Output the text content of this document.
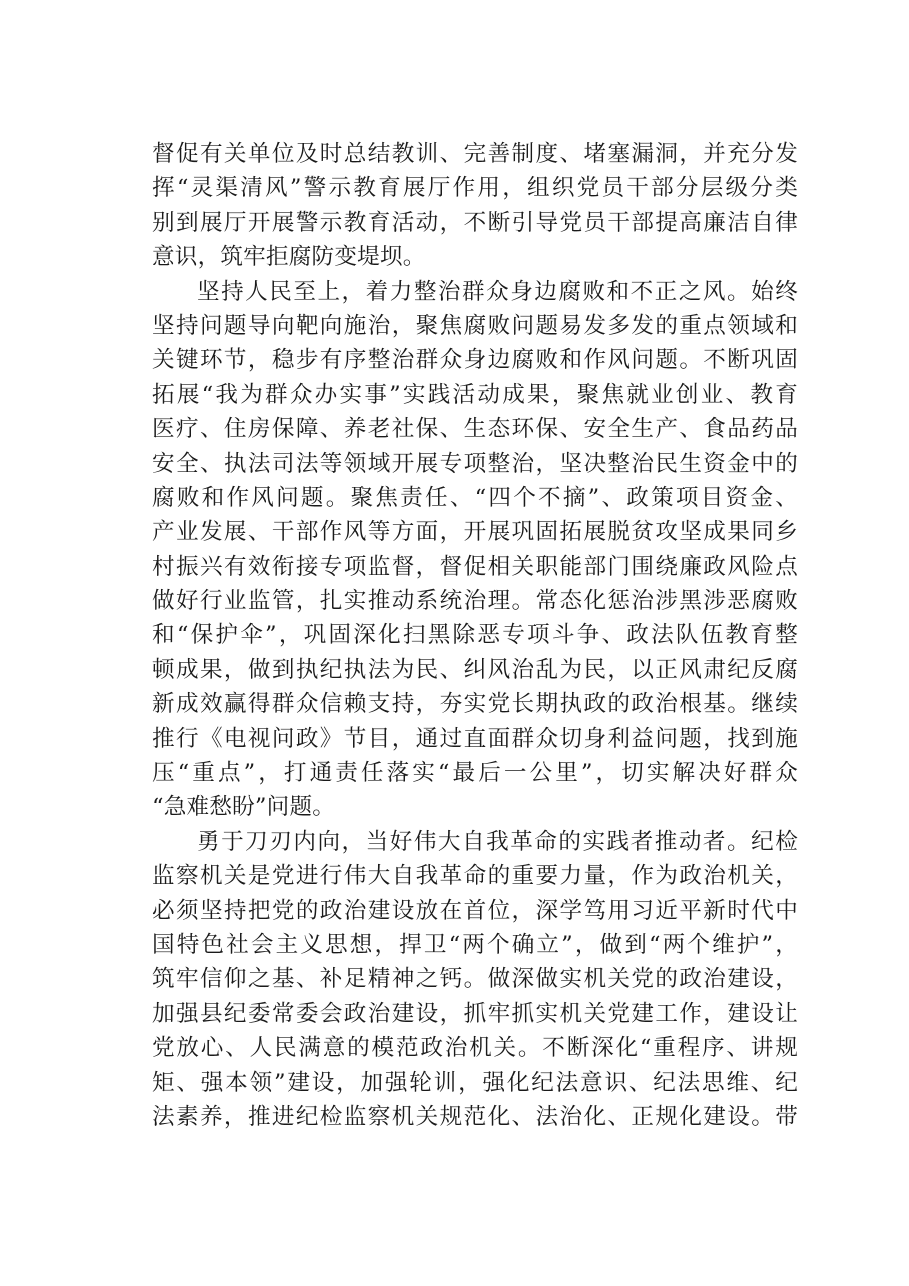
督促有关单位及时总结教训、完善制度、堵塞漏洞，并充分发
挥“灵渠清风”警示教育展厅作用，组织党员干部分层级分类
别到展厅开展警示教育活动，不断引导党员干部提高廉洁自律
意识，筑牢拒腐防变堤坝。
坚持人民至上，着力整治群众身边腐败和不正之风。始终
坚持问题导向靶向施治，聚焦腐败问题易发多发的重点领域和
关键环节，稳步有序整治群众身边腐败和作风问题。不断巩固
拓展“我为群众办实事”实践活动成果，聚焦就业创业、教育
医疗、住房保障、养老社保、生态环保、安全生产、食品药品
安全、执法司法等领域开展专项整治，坚决整治民生资金中的
腐败和作风问题。聚焦责任、“四个不摘”、政策项目资金、
产业发展、干部作风等方面，开展巩固拓展脱贫攻坚成果同乡
村振兴有效衔接专项监督，督促相关职能部门围绕廉政风险点
做好行业监管，扎实推动系统治理。常态化惩治涉黑涉恶腐败
和“保护伞”，巩固深化扫黑除恶专项斗争、政法队伍教育整
顿成果，做到执纪执法为民、纠风治乱为民，以正风肃纪反腐
新成效赢得群众信赖支持，夯实党长期执政的政治根基。继续
推行《电视问政》节目，通过直面群众切身利益问题，找到施
压“重点”，打通责任落实“最后一公里”，切实解决好群众
“急难愁盼”问题。
勇于刀刃内向，当好伟大自我革命的实践者推动者。纪检
监察机关是党进行伟大自我革命的重要力量，作为政治机关，
必须坚持把党的政治建设放在首位，深学笃用习近平新时代中
国特色社会主义思想，捍卫“两个确立”，做到“两个维护”，
筑牢信仰之基、补足精神之钙。做深做实机关党的政治建设，
加强县纪委常委会政治建设，抓牢抓实机关党建工作，建设让
党放心、人民满意的模范政治机关。不断深化“重程序、讲规
矩、强本领”建设，加强轮训，强化纪法意识、纪法思维、纪
法素养，推进纪检监察机关规范化、法治化、正规化建设。带
